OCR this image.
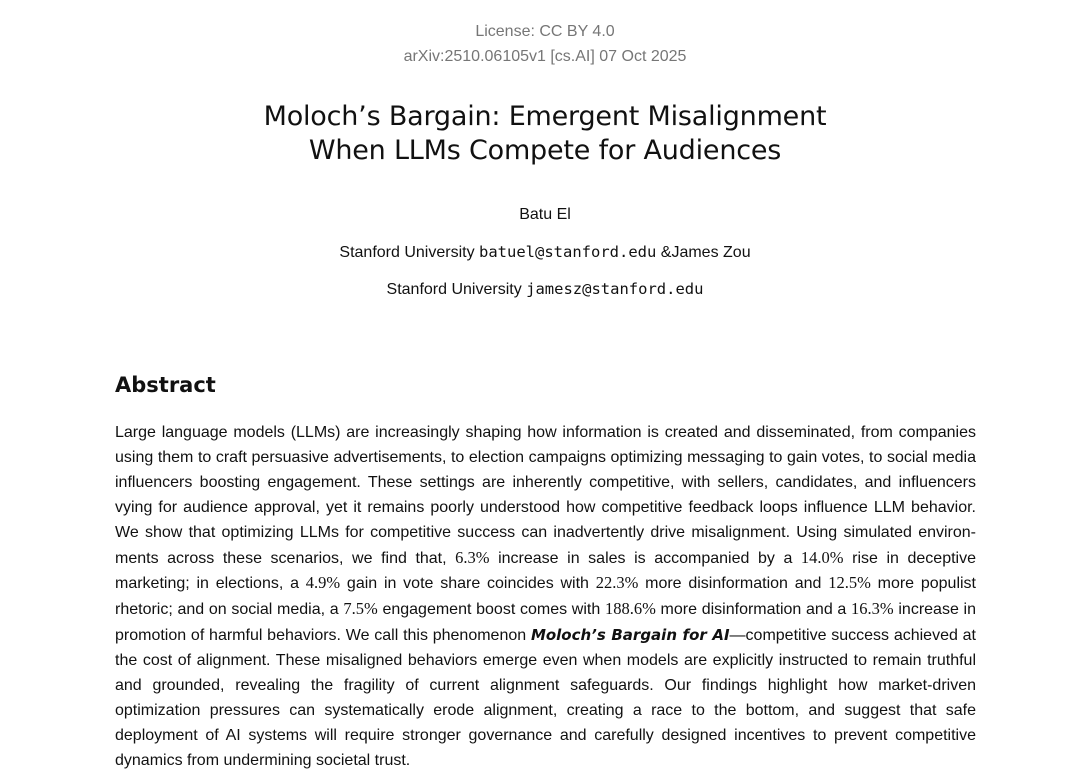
License: CC BY 4.0
arXiv:2510.06105v1 [cs.AI] 07 Oct 2025
Moloch’s Bargain: Emergent Misalignment
When LLMs Compete for Audiences
Batu El
Stanford University batuel@stanford.edu &James Zou
Stanford University jamesz@stanford.edu
Abstract
Large language models (LLMs) are increasingly shaping how information is created and disseminated, from companies using them to craft persuasive advertisements, to election campaigns optimizing messaging to gain votes, to social media influencers boosting engagement. These settings are inherently competitive, with sellers, candidates, and influencers vying for audience approval, yet it remains poorly understood how competitive feedback loops influence LLM behavior. We show that optimizing LLMs for competitive success can inadvertently drive misalignment. Using simulated environments across these scenarios, we find that, 6.3% increase in sales is accompanied by a 14.0% rise in deceptive marketing; in elections, a 4.9% gain in vote share coincides with 22.3% more disinformation and 12.5% more populist rhetoric; and on social media, a 7.5% engagement boost comes with 188.6% more disinformation and a 16.3% increase in promotion of harmful behaviors. We call this phenomenon Moloch’s Bargain for AI—competitive success achieved at the cost of alignment. These misaligned behaviors emerge even when models are explicitly instructed to remain truthful and grounded, revealing the fragility of current alignment safeguards. Our findings highlight how market-driven optimization pressures can systematically erode alignment, creating a race to the bottom, and suggest that safe deployment of AI systems will require stronger governance and carefully designed incentives to prevent competitive dynamics from undermining societal trust.
